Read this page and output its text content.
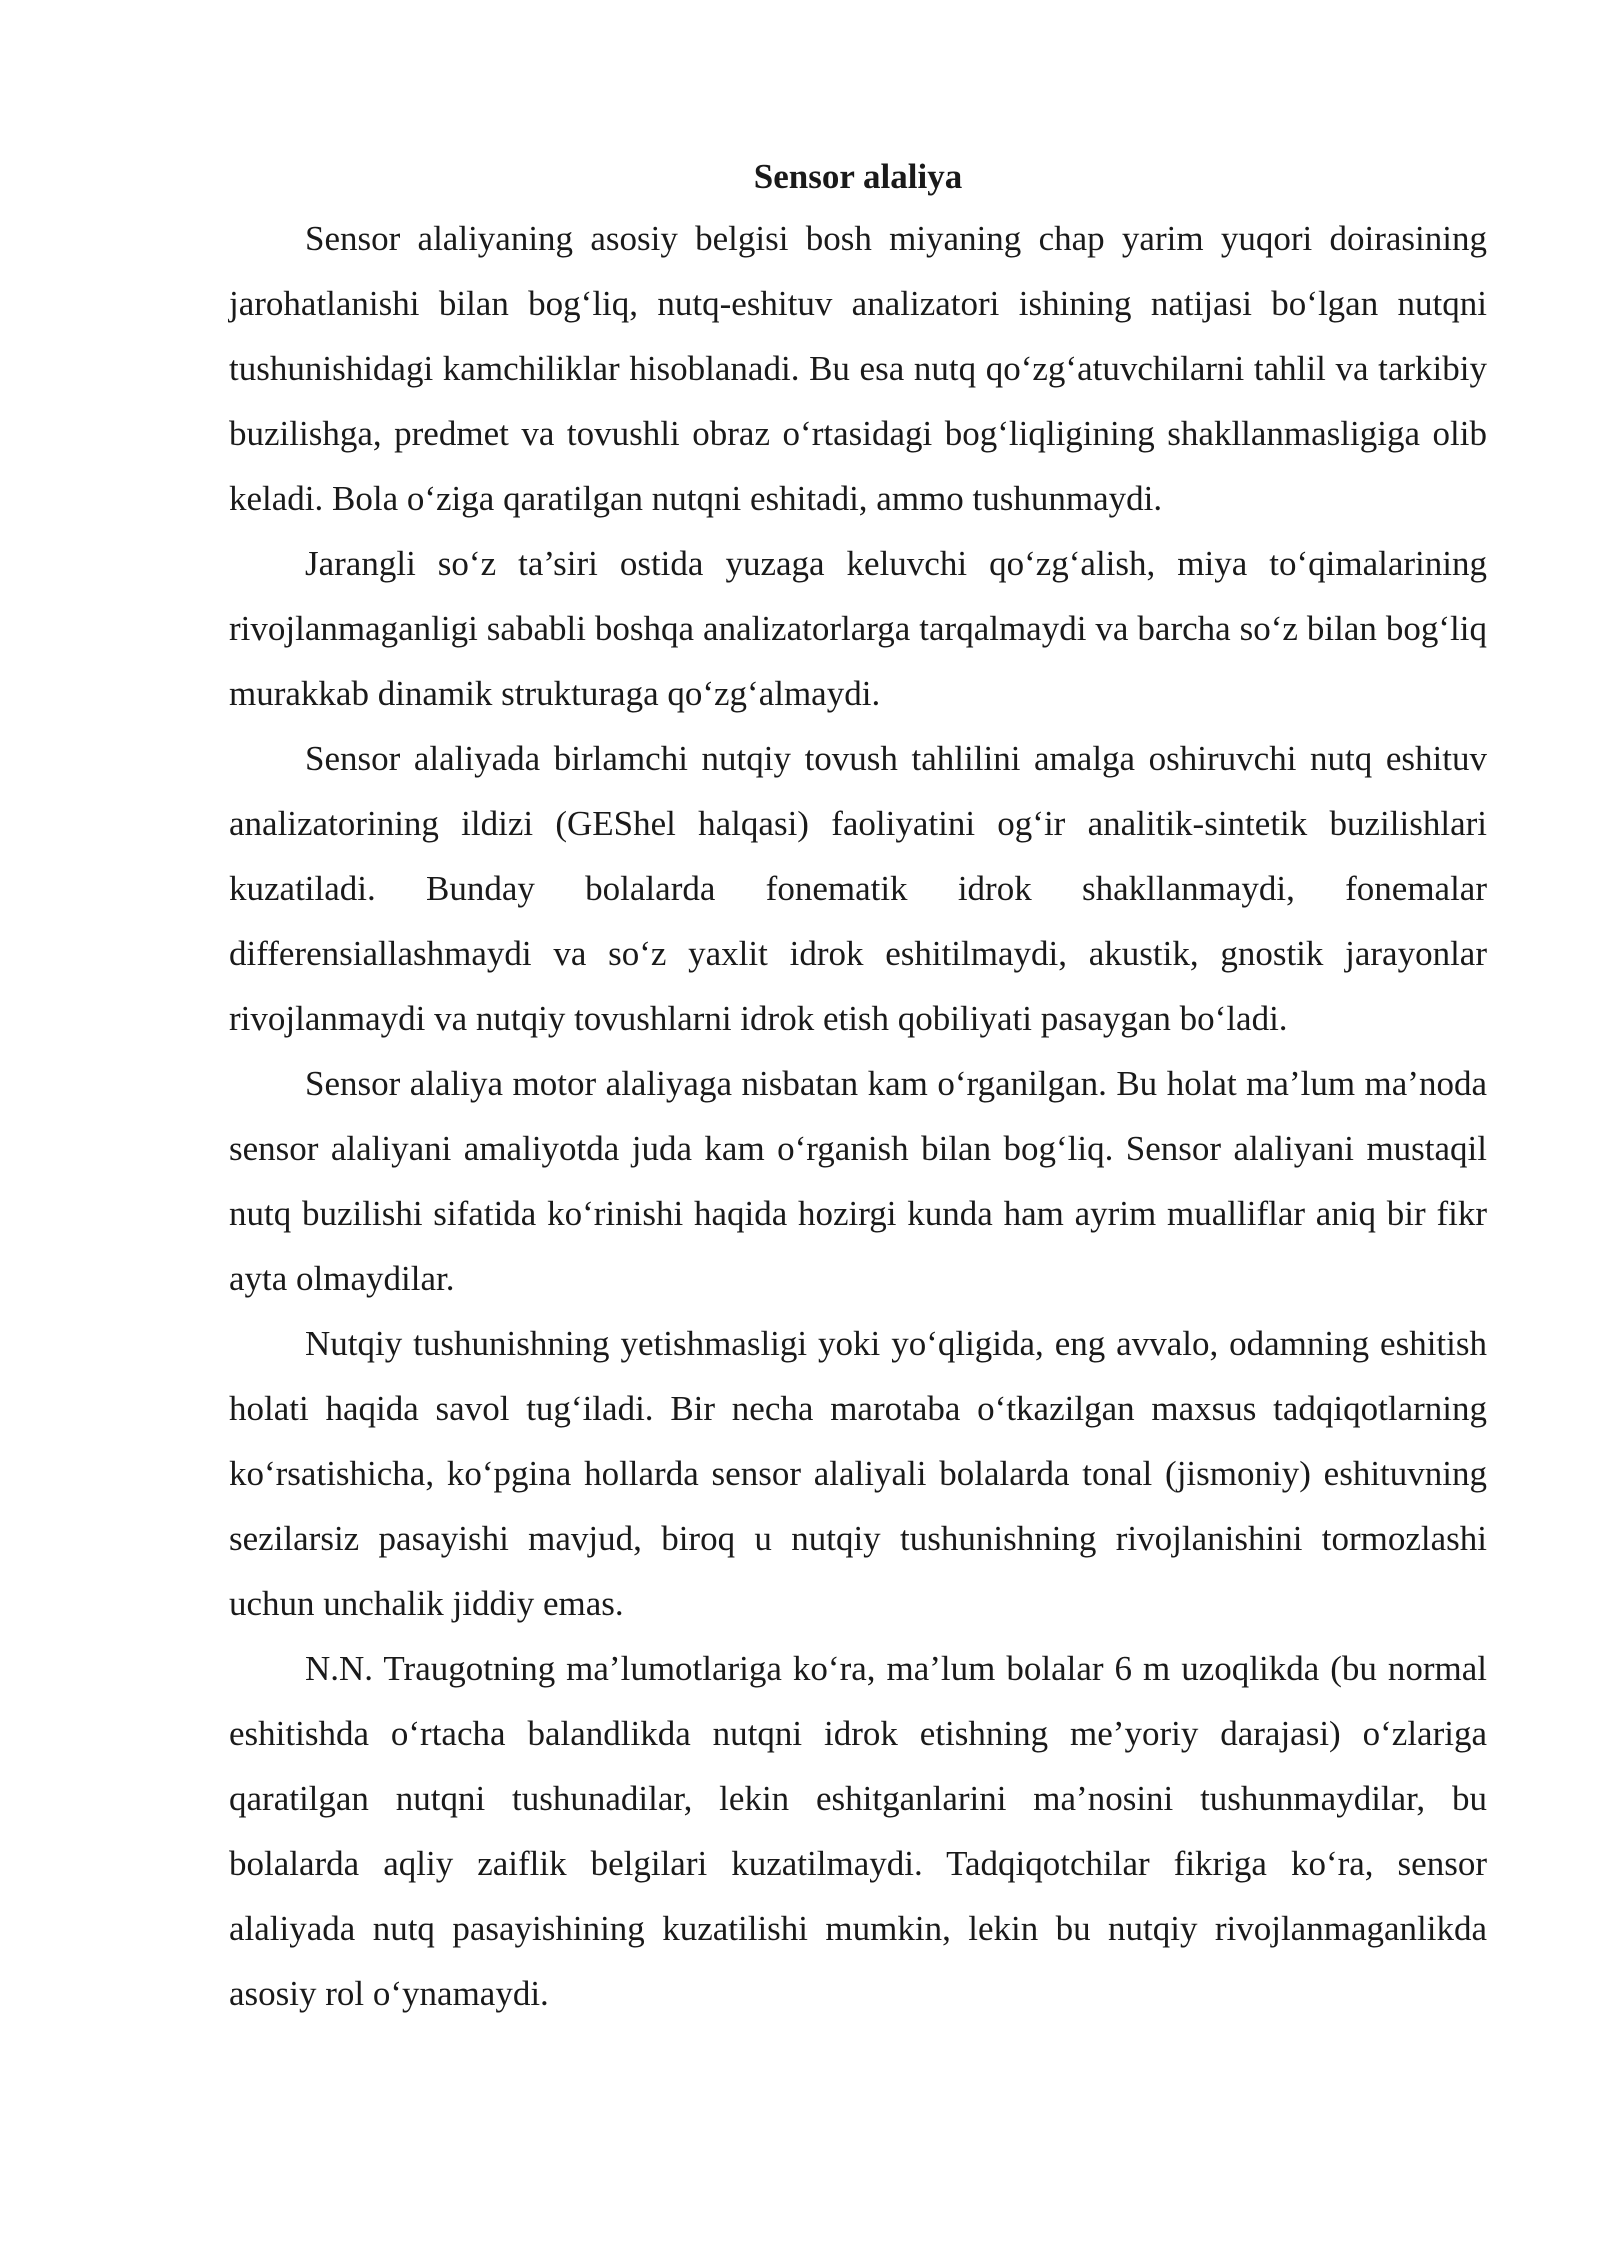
Sensor alaliya

Sensor alaliyaning asosiy belgisi bosh miyaning chap yarim yuqori doirasining jarohatlanishi bilan bog‘liq, nutq-eshituv analizatori ishining natijasi bo‘lgan nutqni tushunishidagi kamchiliklar hisoblanadi. Bu esa nutq qo‘zg‘atuvchilarni tahlil va tarkibiy buzilishga, predmet va tovushli obraz o‘rtasidagi bog‘liqligining shakllanmasligiga olib keladi. Bola o‘ziga qaratilgan nutqni eshitadi, ammo tushunmaydi.

Jarangli so‘z ta’siri ostida yuzaga keluvchi qo‘zg‘alish, miya to‘qimalarining rivojlanmaganligi sababli boshqa analizatorlarga tarqalmaydi va barcha so‘z bilan bog‘liq murakkab dinamik strukturaga qo‘zg‘almaydi.

Sensor alaliyada birlamchi nutqiy tovush tahlilini amalga oshiruvchi nutq eshituv analizatorining ildizi (GEShel halqasi) faoliyatini og‘ir analitik-sintetik buzilishlari kuzatiladi. Bunday bolalarda fonematik idrok shakllanmaydi, fonemalar differensiallashmaydi va so‘z yaxlit idrok eshitilmaydi, akustik, gnostik jarayonlar rivojlanmaydi va nutqiy tovushlarni idrok etish qobiliyati pasaygan bo‘ladi.

Sensor alaliya motor alaliyaga nisbatan kam o‘rganilgan. Bu holat ma’lum ma’noda sensor alaliyani amaliyotda juda kam o‘rganish bilan bog‘liq. Sensor alaliyani mustaqil nutq buzilishi sifatida ko‘rinishi haqida hozirgi kunda ham ayrim mualliflar aniq bir fikr ayta olmaydilar.

Nutqiy tushunishning yetishmasligi yoki yo‘qligida, eng avvalo, odamning eshitish holati haqida savol tug‘iladi. Bir necha marotaba o‘tkazilgan maxsus tadqiqotlarning ko‘rsatishicha, ko‘pgina hollarda sensor alaliyali bolalarda tonal (jismoniy) eshituvning sezilarsiz pasayishi mavjud, biroq u nutqiy tushunishning rivojlanishini tormozlashi uchun unchalik jiddiy emas.

N.N. Traugotning ma’lumotlariga ko‘ra, ma’lum bolalar 6 m uzoqlikda (bu normal eshitishda o‘rtacha balandlikda nutqni idrok etishning me’yoriy darajasi) o‘zlariga qaratilgan nutqni tushunadilar, lekin eshitganlarini ma’nosini tushunmaydilar, bu bolalarda aqliy zaiflik belgilari kuzatilmaydi. Tadqiqotchilar fikriga ko‘ra, sensor alaliyada nutq pasayishining kuzatilishi mumkin, lekin bu nutqiy rivojlanmaganlikda asosiy rol o‘ynamaydi.
